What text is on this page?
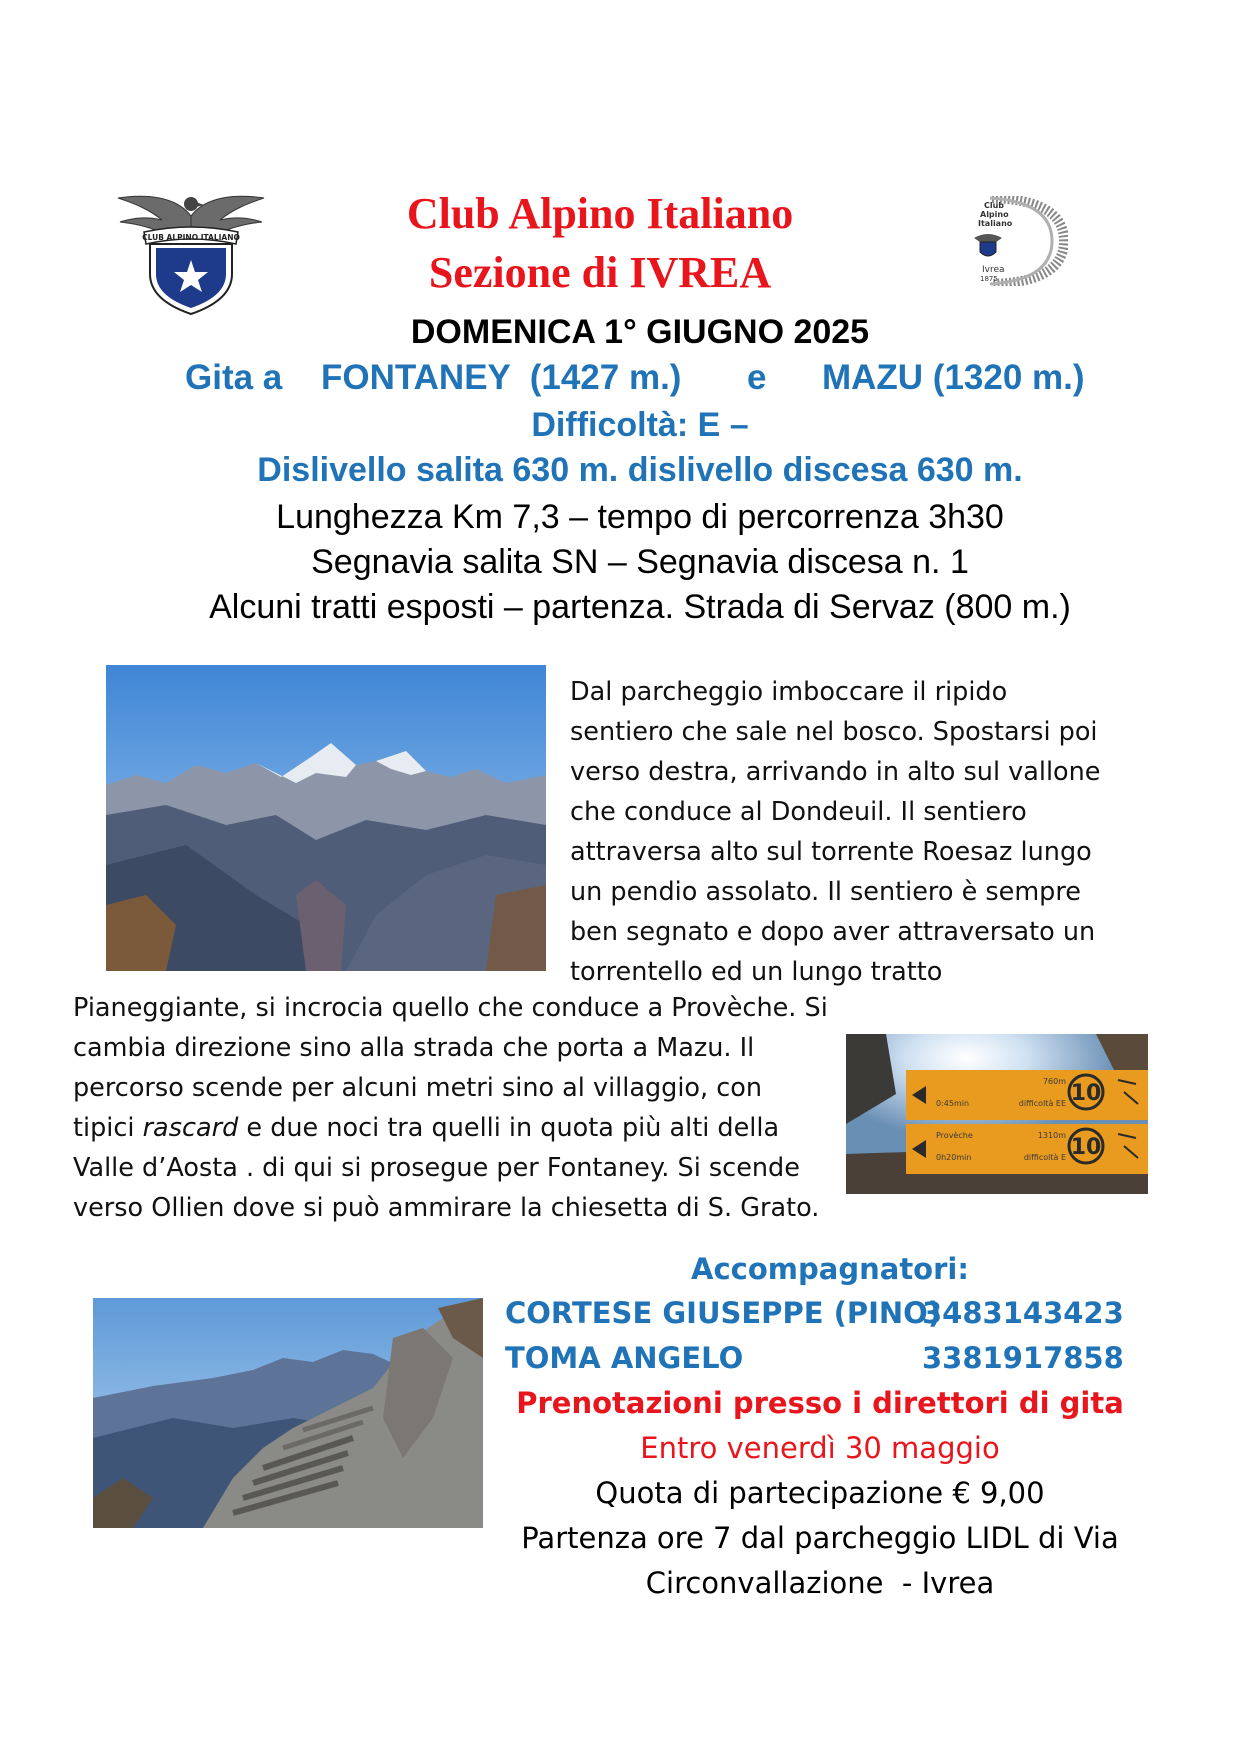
CLUB ALPINO ITALIANO	Club Alpino Italiano
Sezione di IVREA
Club
Alpino
Italiano
Ivrea
1875
DOMENICA 1° GIUGNO 2025
Gita a FONTANEY  (1427 m.) e MAZU (1320 m.)
Difficoltà: E –
Dislivello salita 630 m. dislivello discesa 630 m.
Lunghezza Km 7,3 – tempo di percorrenza 3h30
Segnavia salita SN – Segnavia discesa n. 1
Alcuni tratti esposti – partenza. Strada di Servaz (800 m.)
Dal parcheggio imboccare il ripido
sentiero che sale nel bosco. Spostarsi poi
verso destra, arrivando in alto sul vallone
che conduce al Dondeuil. Il sentiero
attraversa alto sul torrente Roesaz lungo
un pendio assolato. Il sentiero è sempre
ben segnato e dopo aver attraversato un
torrentello ed un lungo tratto
Pianeggiante, si incrocia quello che conduce a Provèche. Si
cambia direzione sino alla strada che porta a Mazu. Il
percorso scende per alcuni metri sino al villaggio, con
tipici rascard e due noci tra quelli in quota più alti della
Valle d’Aosta . di qui si prosegue per Fontaney. Si scende
verso Ollien dove si può ammirare la chiesetta di S. Grato.
10
10
760m
difficoltà EE
0:45min
1310m
Provèche
difficoltà E
0h20min
Accompagnatori:
CORTESE GIUSEPPE (PINO)
3483143423
TOMA ANGELO	3381917858
Prenotazioni presso i direttori di gita
Entro venerdì 30 maggio
Quota di partecipazione € 9,00
Partenza ore 7 dal parcheggio LIDL di Via
Circonvallazione  - Ivrea
